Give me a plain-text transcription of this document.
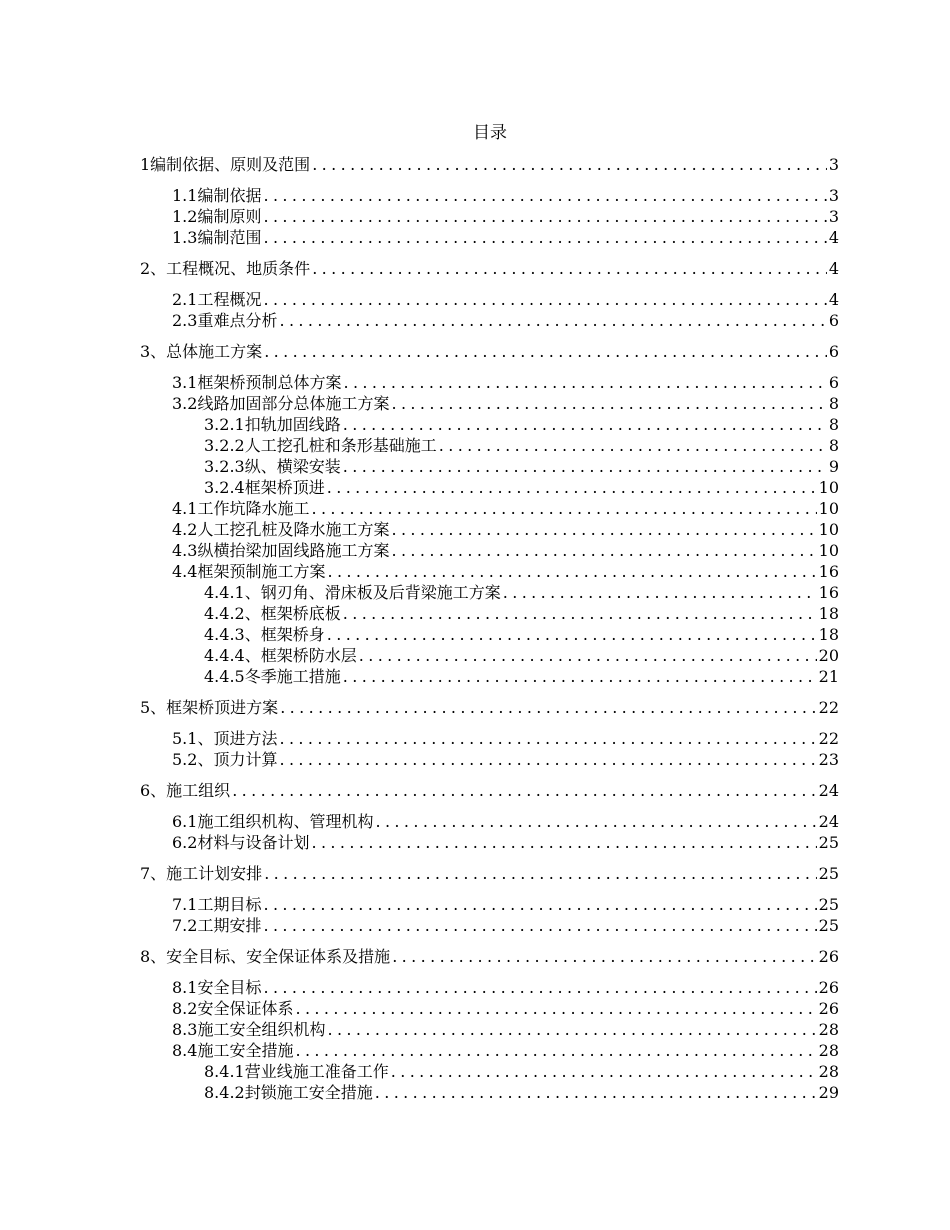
目录
1编制依据、原则及范围 .....	3
1.1编制依据 .....	3
1.2编制原则 .....	3
1.3编制范围 .....	4
2、工程概况、地质条件 .....	4
2.1工程概况 .....	4
2.3重难点分析 .....	6
3、总体施工方案 .....	6
3.1框架桥预制总体方案 .....	6
3.2线路加固部分总体施工方案 .....	8
3.2.1扣轨加固线路 .....	8
3.2.2人工挖孔桩和条形基础施工 .....	8
3.2.3纵、横梁安装 .....	9
3.2.4框架桥顶进 .....	10
4.1工作坑降水施工 .....	10
4.2人工挖孔桩及降水施工方案 .....	10
4.3纵横抬梁加固线路施工方案 .....	10
4.4框架预制施工方案 .....	16
4.4.1、钢刃角、滑床板及后背梁施工方案 .....	16
4.4.2、框架桥底板 .....	18
4.4.3、框架桥身 .....	18
4.4.4、框架桥防水层 .....	20
4.4.5冬季施工措施 .....	21
5、框架桥顶进方案 .....	22
5.1、顶进方法 .....	22
5.2、顶力计算 .....	23
6、施工组织 .....	24
6.1施工组织机构、管理机构 .....	24
6.2材料与设备计划 .....	25
7、施工计划安排 .....	25
7.1工期目标 .....	25
7.2工期安排 .....	25
8、安全目标、安全保证体系及措施 .....	26
8.1安全目标 .....	26
8.2安全保证体系 .....	26
8.3施工安全组织机构 .....	28
8.4施工安全措施 .....	28
8.4.1营业线施工准备工作 .....	28
8.4.2封锁施工安全措施 .....	29
